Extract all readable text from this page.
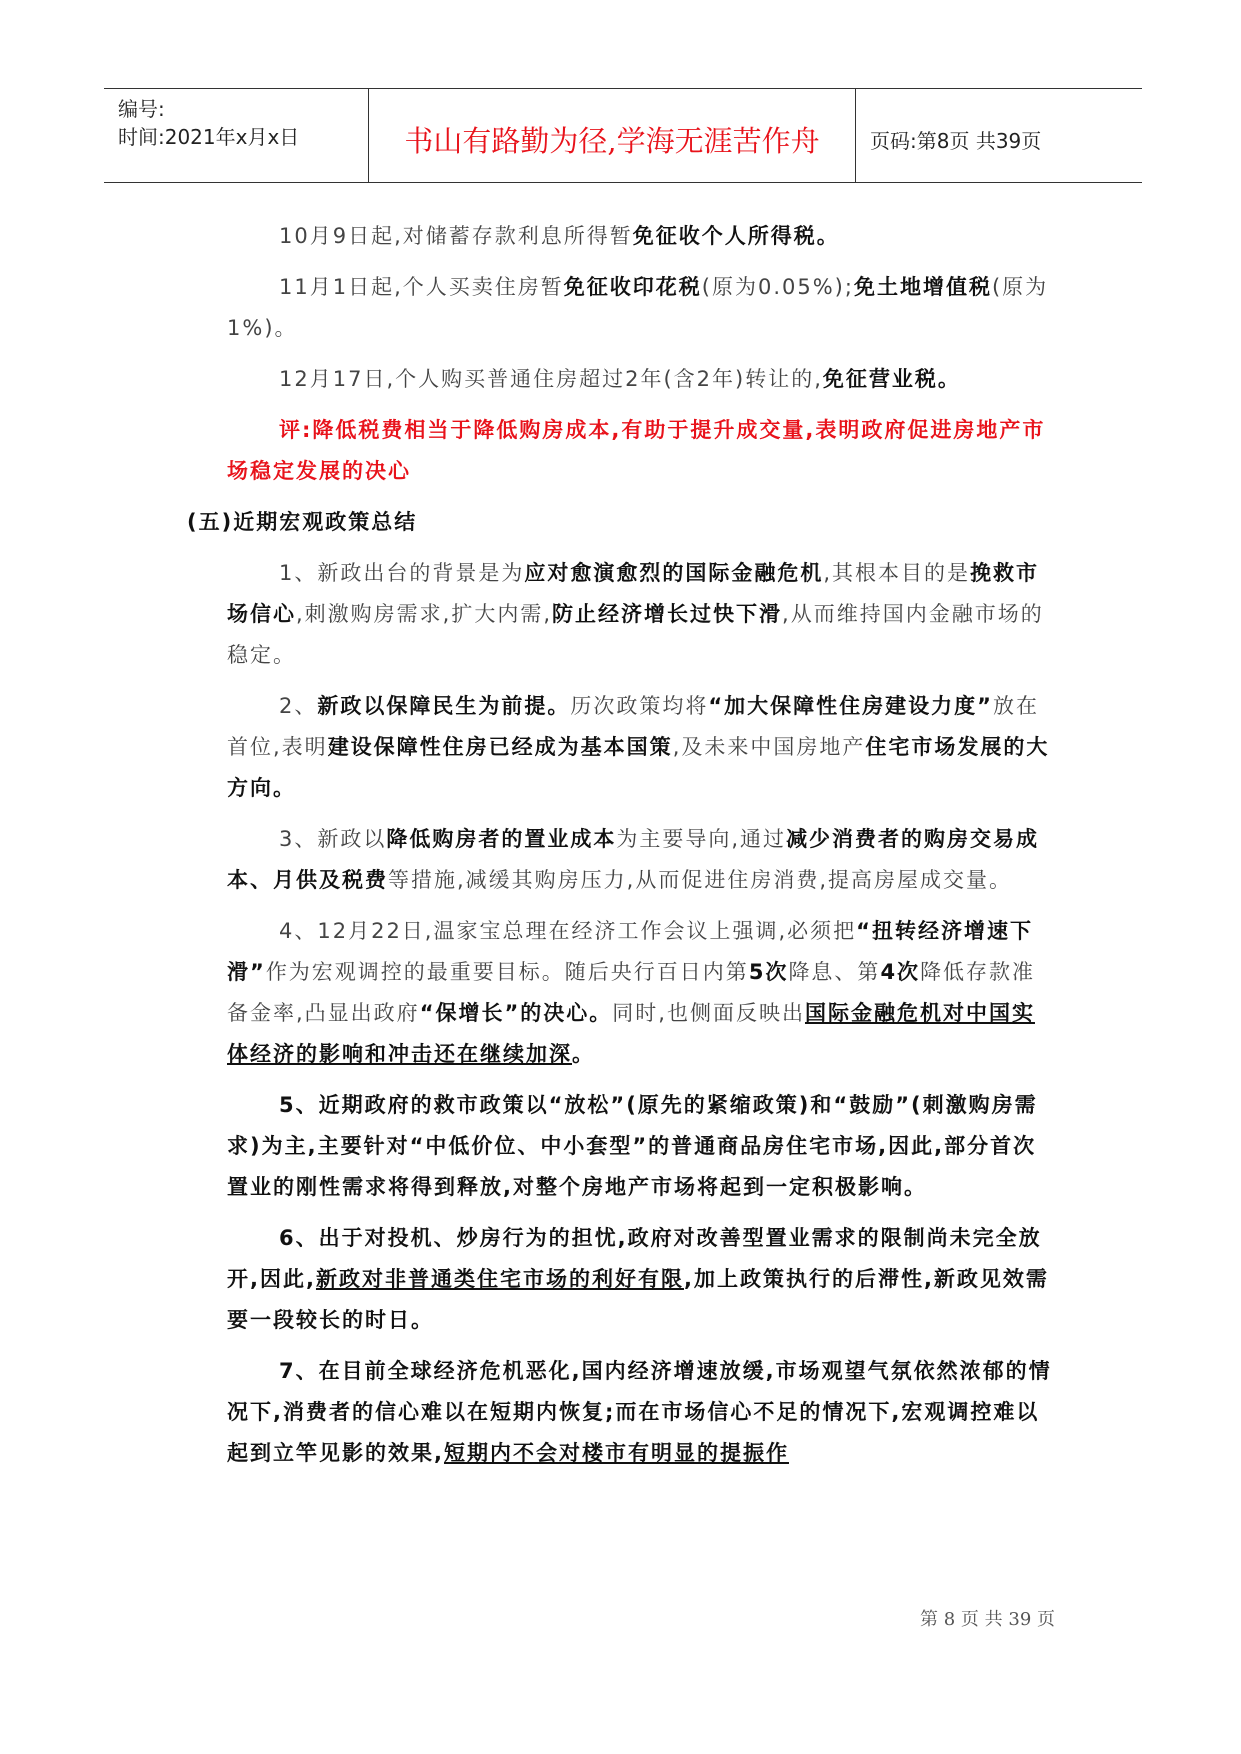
编号:
时间:2021年x月x日	书山有路勤为径,学海无涯苦作舟	页码:第8页 共39页

10月9日起,对储蓄存款利息所得暂免征收个人所得税。

11月1日起,个人买卖住房暂免征收印花税(原为0.05%);免土地增值税(原为1%)。

12月17日,个人购买普通住房超过2年(含2年)转让的,免征营业税。

评:降低税费相当于降低购房成本,有助于提升成交量,表明政府促进房地产市场稳定发展的决心

(五)近期宏观政策总结

1、新政出台的背景是为应对愈演愈烈的国际金融危机,其根本目的是挽救市场信心,刺激购房需求,扩大内需,防止经济增长过快下滑,从而维持国内金融市场的稳定。

2、新政以保障民生为前提。历次政策均将“加大保障性住房建设力度”放在首位,表明建设保障性住房已经成为基本国策,及未来中国房地产住宅市场发展的大方向。

3、新政以降低购房者的置业成本为主要导向,通过减少消费者的购房交易成本、月供及税费等措施,减缓其购房压力,从而促进住房消费,提高房屋成交量。

4、12月22日,温家宝总理在经济工作会议上强调,必须把“扭转经济增速下滑”作为宏观调控的最重要目标。随后央行百日内第5次降息、第4次降低存款准备金率,凸显出政府“保增长”的决心。同时,也侧面反映出国际金融危机对中国实体经济的影响和冲击还在继续加深。

5、近期政府的救市政策以“放松”(原先的紧缩政策)和“鼓励”(刺激购房需求)为主,主要针对“中低价位、中小套型”的普通商品房住宅市场,因此,部分首次置业的刚性需求将得到释放,对整个房地产市场将起到一定积极影响。

6、出于对投机、炒房行为的担忧,政府对改善型置业需求的限制尚未完全放开,因此,新政对非普通类住宅市场的利好有限,加上政策执行的后滞性,新政见效需要一段较长的时日。

7、在目前全球经济危机恶化,国内经济增速放缓,市场观望气氛依然浓郁的情况下,消费者的信心难以在短期内恢复;而在市场信心不足的情况下,宏观调控难以起到立竿见影的效果,短期内不会对楼市有明显的提振作

第 8 页 共 39 页
